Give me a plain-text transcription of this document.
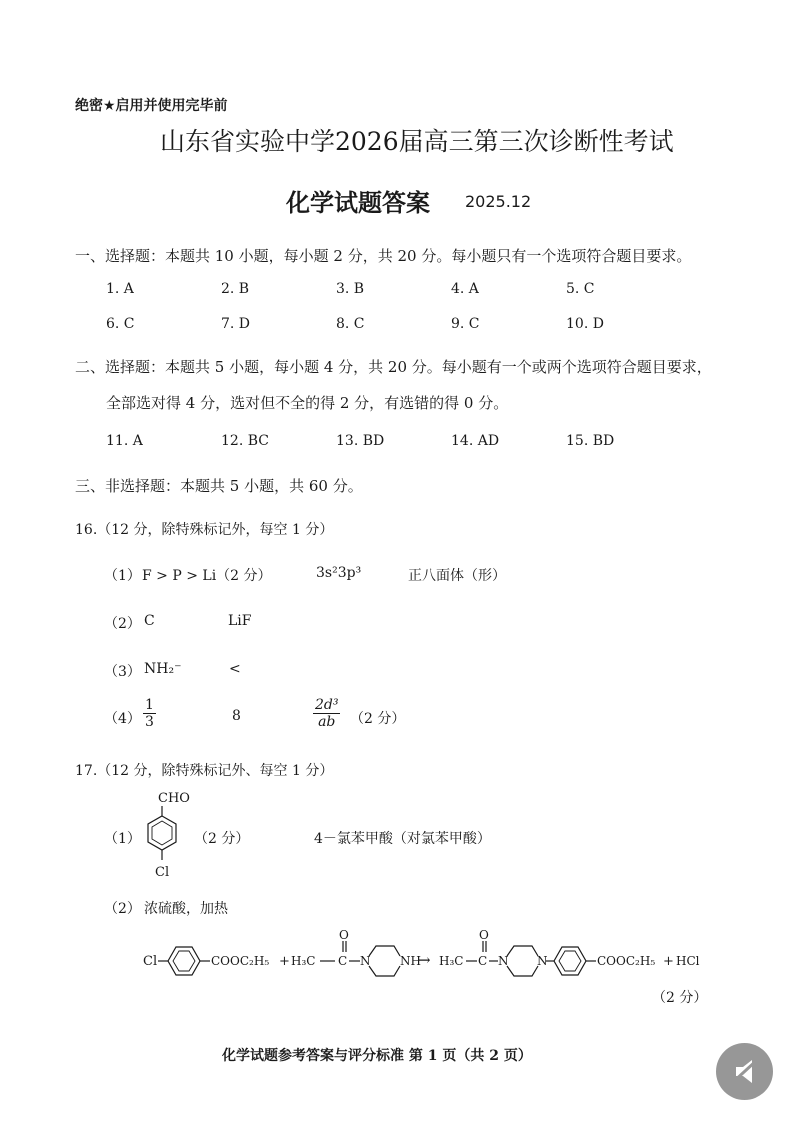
绝密★启用并使用完毕前
山东省实验中学2026届高三第三次诊断性考试
化学试题答案 2025.12
一、选择题：本题共 10 小题，每小题 2 分，共 20 分。每小题只有一个选项符合题目要求。
1. A	2. B	3. B	4. A	5. C
6. C	7. D	8. C	9. C	10. D
二、选择题：本题共 5 小题，每小题 4 分，共 20 分。每小题有一个或两个选项符合题目要求，
全部选对得 4 分，选对但不全的得 2 分，有选错的得 0 分。
11. A	12. BC	13. BD	14. AD	15. BD
三、非选择题：本题共 5 小题，共 60 分。
16.（12 分，除特殊标记外，每空 1 分）
（1） F > P > Li（2 分）	3s²3p³	正八面体（形）
（2） C	LiF
（3） NH₂⁻	<
$(4) \frac{1}{3}$	8	$\frac{\text{2d³}}{ab} (2$ 分）
17.（12 分，除特殊标记外、每空 1 分）
（1）
CHO
Cl
（2 分）	4－氯苯甲酸（对氯苯甲酸）
（2） 浓硫酸，加热
Cl	COOC₂H₅ + H₃C C
O
N NH
→ H₃C C
O
N N	COOC₂H₅ + HCl
（2 分）
化学试题参考答案与评分标准 第 1 页（共 2 页）
